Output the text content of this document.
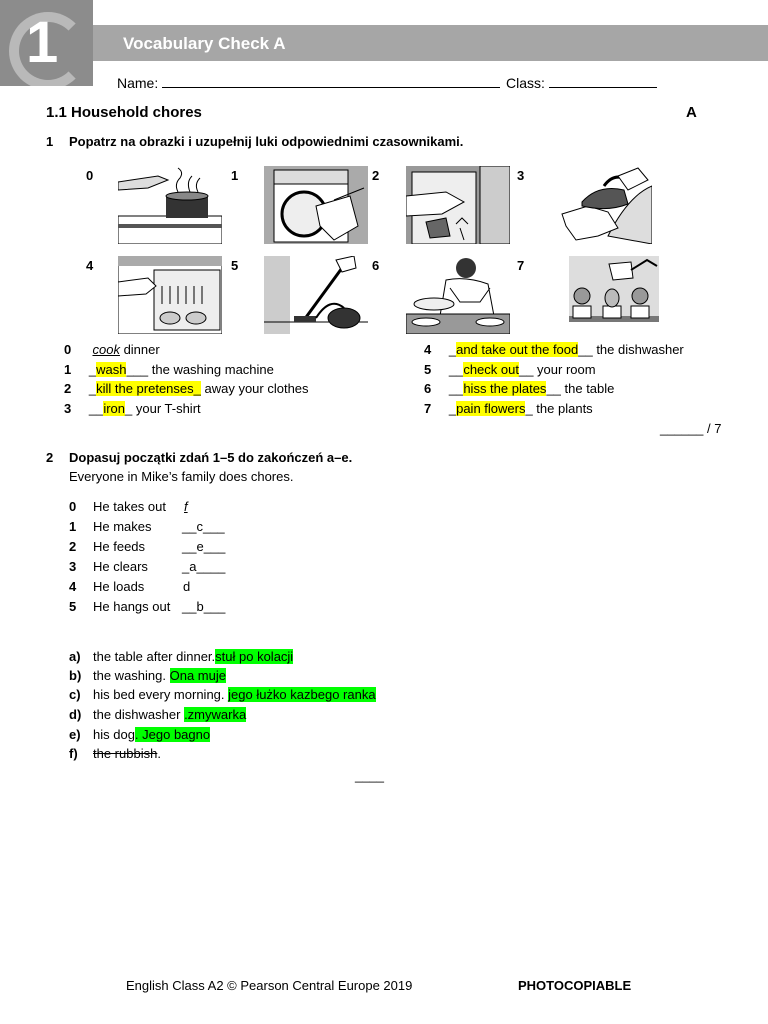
1	Vocabulary Check A
Name:	Class:
1.1 Household chores	A
1 Popatrz na obrazki i uzupełnij luki odpowiednimi czasownikami.
0	1	2	3
4	5	6	7
0 cook dinner
1 _wash___ the washing machine
2 _kill the pretenses_ away your clothes
3 __iron_ your T-shirt
4 _and take out the food__ the dishwasher
5 __check out__ your room
6 __hiss the plates__ the table
7 _pain flowers_ the plants
______ / 7
2 Dopasuj początki zdań 1–5 do zakończeń a–e.
Everyone in Mike’s family does chores.
0 He takes out f
1 He makes __c___
2 He feeds	__e___
3 He clears	_a____
4 He loads	d
5 He hangs out __b___
a) the table after dinner.stuł po kolacji
b) the washing. Ona muje
c) his bed every morning. jego łużko kazbego ranka
d) the dishwasher .zmywarka
e) his dog. Jego bagno
f) the rubbish.
____
English Class A2 © Pearson Central Europe 2019	PHOTOCOPIABLE
